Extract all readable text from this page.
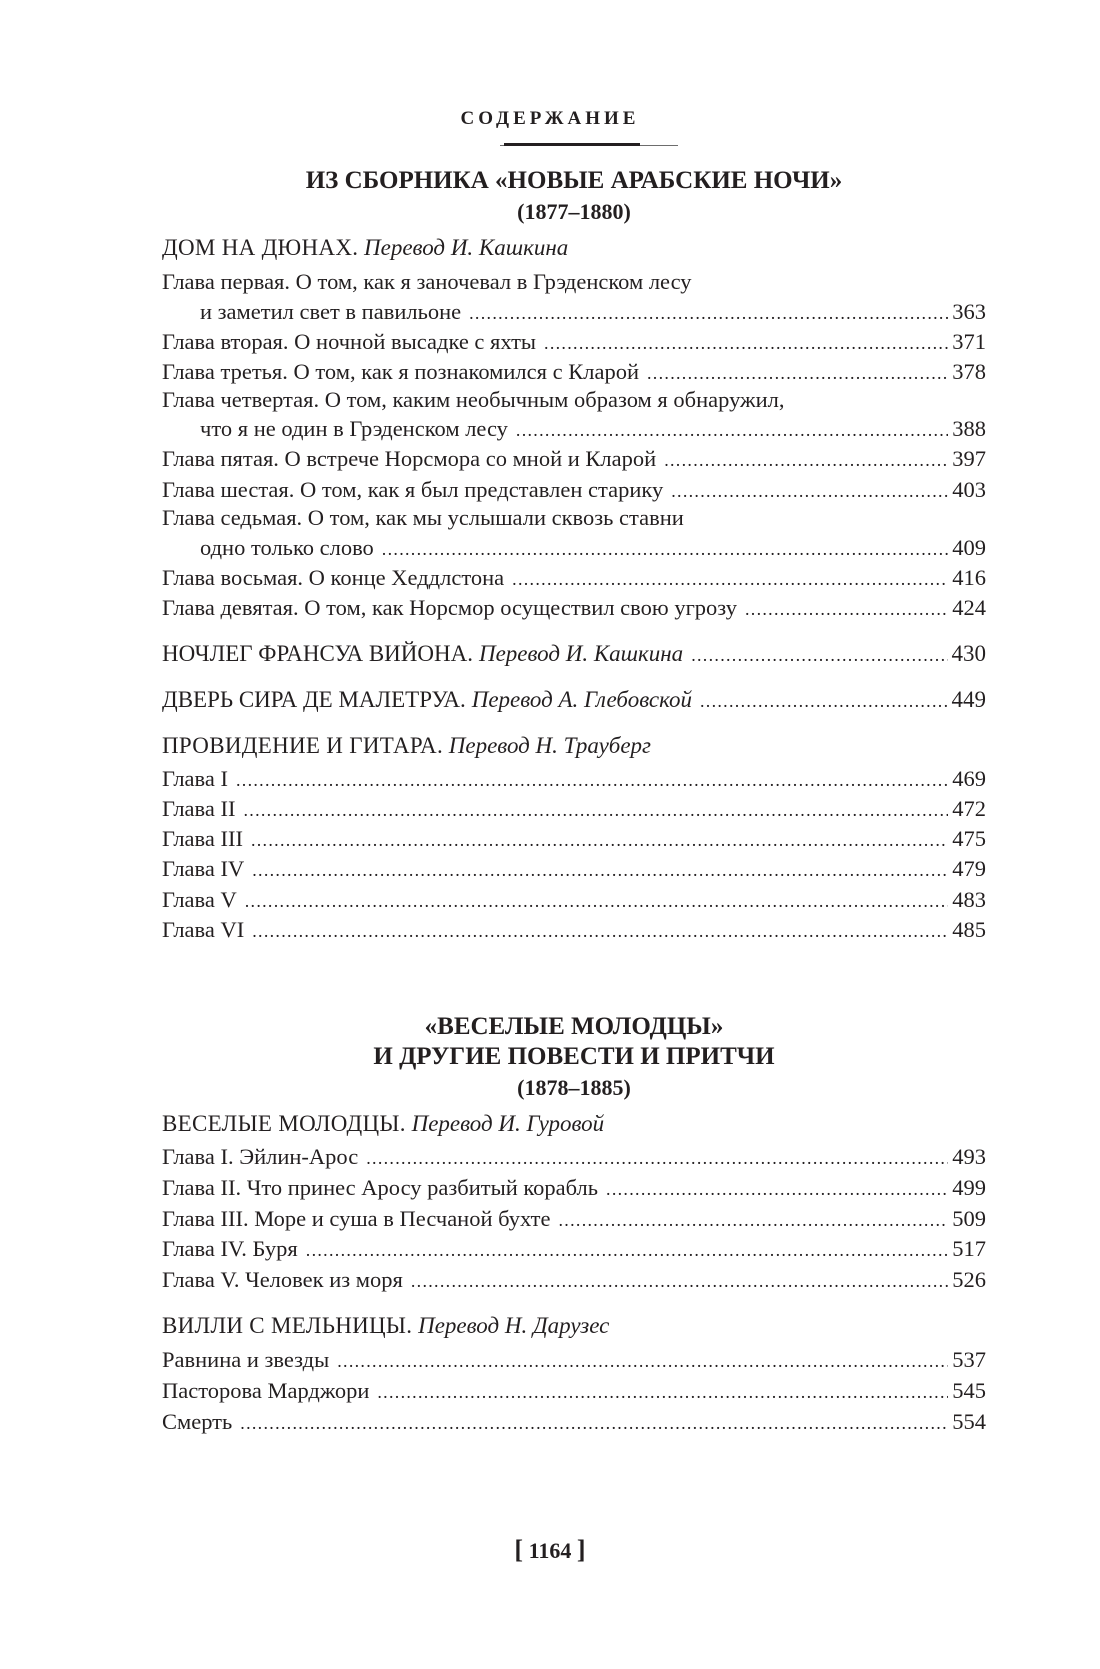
СОДЕРЖАНИЕ
ИЗ СБОРНИКА «НОВЫЕ АРАБСКИЕ НОЧИ»
(1877–1880)
ДОМ НА ДЮНАХ. Перевод И. Кашкина
Глава первая. О том, как я заночевал в Грэденском лесу
и заметил свет в павильоне . . .	363
Глава вторая. О ночной высадке с яхты . . .	371
Глава третья. О том, как я познакомился с Кларой . . .	378
Глава четвертая. О том, каким необычным образом я обнаружил,
что я не один в Грэденском лесу . . .	388
Глава пятая. О встрече Норсмора со мной и Кларой . . .	397
Глава шестая. О том, как я был представлен старику . . .	403
Глава седьмая. О том, как мы услышали сквозь ставни
одно только слово . . .	409
Глава восьмая. О конце Хеддлстона . . .	416
Глава девятая. О том, как Норсмор осуществил свою угрозу . . .	424
НОЧЛЕГ ФРАНСУА ВИЙОНА. Перевод И. Кашкина . . .	430
ДВЕРЬ СИРА ДЕ МАЛЕТРУА. Перевод А. Глебовской . . .	449
ПРОВИДЕНИЕ И ГИТАРА. Перевод Н. Трауберг
Глава I . . .	469
Глава II . . .	472
Глава III . . .	475
Глава IV . . .	479
Глава V . . .	483
Глава VI . . .	485
«ВЕСЕЛЫЕ МОЛОДЦЫ»
И ДРУГИЕ ПОВЕСТИ И ПРИТЧИ
(1878–1885)
ВЕСЕЛЫЕ МОЛОДЦЫ. Перевод И. Гуровой
Глава I. Эйлин-Арос . . .	493
Глава II. Что принес Аросу разбитый корабль . . .	499
Глава III. Море и суша в Песчаной бухте . . .	509
Глава IV. Буря . . .	517
Глава V. Человек из моря . . .	526
ВИЛЛИ С МЕЛЬНИЦЫ. Перевод Н. Дарузес
Равнина и звезды . . .	537
Пасторова Марджори . . .	545
Смерть . . .	554
[ 1164 ]
